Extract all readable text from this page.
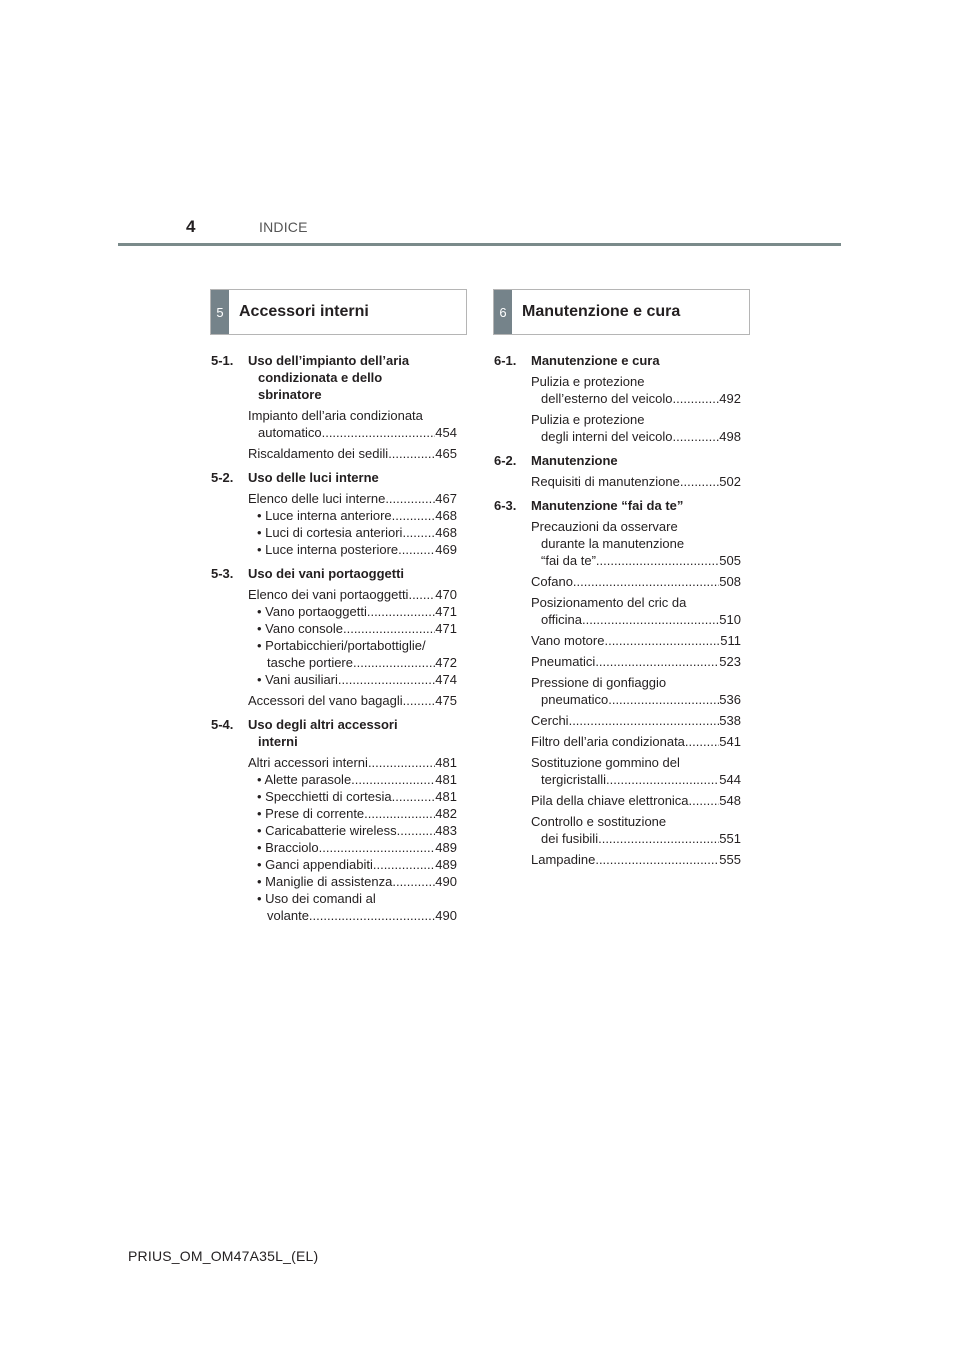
4	INDICE
5 Accessori interni	6 Manutenzione e cura
5-1.	Uso dell’impianto dell’aria
condizionata e dello
sbrinatore
Impianto dell’aria condizionata
automatico .....	454
Riscaldamento dei sedili .....	465
5-2.	Uso delle luci interne
Elenco delle luci interne .....	467
• Luce interna anteriore .....	468
• Luci di cortesia anteriori .....	468
• Luce interna posteriore .....	469
5-3.	Uso dei vani portaoggetti
Elenco dei vani portaoggetti ..... 470
• Vano portaoggetti .....	471
• Vano console .....	471
• Portabicchieri/portabottiglie/
tasche portiere .....	472
• Vani ausiliari .....	474
Accessori del vano bagagli .....	475
5-4.	Uso degli altri accessori
interni
Altri accessori interni .....	481
• Alette parasole .....	481
• Specchietti di cortesia .....	481
• Prese di corrente .....	482
• Caricabatterie wireless .....	483
• Bracciolo .....	489
• Ganci appendiabiti .....	489
• Maniglie di assistenza .....	490
• Uso dei comandi al
volante .....	490
6-1.	Manutenzione e cura
Pulizia e protezione
dell’esterno del veicolo .....	492
Pulizia e protezione
degli interni del veicolo .....	498
6-2.	Manutenzione
Requisiti di manutenzione .....	502
6-3.	Manutenzione “fai da te”
Precauzioni da osservare
durante la manutenzione
“fai da te” .....	505
Cofano .....	508
Posizionamento del cric da
officina .....	510
Vano motore .....	511
Pneumatici .....	523
Pressione di gonfiaggio
pneumatico .....	536
Cerchi .....	538
Filtro dell’aria condizionata .....	541
Sostituzione gommino del
tergicristalli .....	544
Pila della chiave elettronica ..... 548
Controllo e sostituzione
dei fusibili .....	551
Lampadine .....	555
PRIUS_OM_OM47A35L_(EL)
